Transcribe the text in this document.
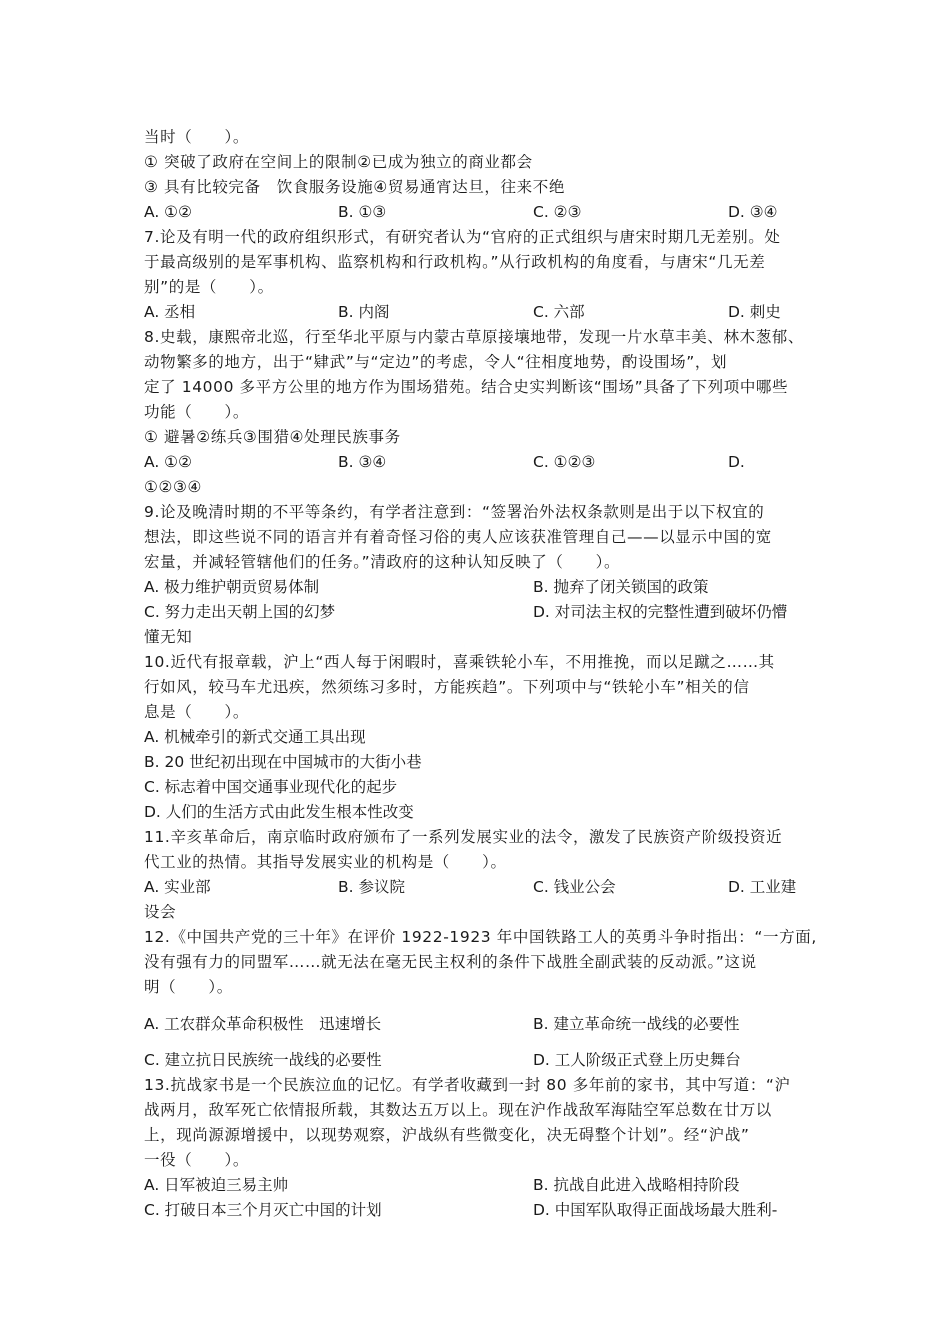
当时（　　）。
① 突破了政府在空间上的限制②已成为独立的商业都会
③ 具有比较完备　饮食服务设施④贸易通宵达旦，往来不绝
A. ①②	B. ①③	C. ②③	D. ③④
7.论及有明一代的政府组织形式，有研究者认为“官府的正式组织与唐宋时期几无差别。处
于最高级别的是军事机构、监察机构和行政机构。”从行政机构的角度看，与唐宋“几无差
别”的是（　　）。
A. 丞相	B. 内阁	C. 六部	D. 刺史
8.史载，康熙帝北巡，行至华北平原与内蒙古草原接壤地带，发现一片水草丰美、林木葱郁、
动物繁多的地方，出于“肄武”与“定边”的考虑，令人“往相度地势，酌设围场”，划
定了 14000 多平方公里的地方作为围场猎苑。结合史实判断该“围场”具备了下列项中哪些
功能（　　）。
① 避暑②练兵③围猎④处理民族事务
A. ①②	B. ③④	C. ①②③	D.
①②③④
9.论及晚清时期的不平等条约，有学者注意到：“签署治外法权条款则是出于以下权宜的
想法，即这些说不同的语言并有着奇怪习俗的夷人应该获准管理自己——以显示中国的宽
宏量，并减轻管辖他们的任务。”清政府的这种认知反映了（　　）。
A. 极力维护朝贡贸易体制	B. 抛弃了闭关锁国的政策
C. 努力走出天朝上国的幻梦	D. 对司法主权的完整性遭到破坏仍懵
懂无知
10.近代有报章载，沪上“西人每于闲暇时，喜乘铁轮小车，不用推挽，而以足蹴之……其
行如风，较马车尤迅疾，然须练习多时，方能疾趋”。下列项中与“铁轮小车”相关的信
息是（　　）。
A. 机械牵引的新式交通工具出现
B. 20 世纪初出现在中国城市的大街小巷
C. 标志着中国交通事业现代化的起步
D. 人们的生活方式由此发生根本性改变
11.辛亥革命后，南京临时政府颁布了一系列发展实业的法令，激发了民族资产阶级投资近
代工业的热情。其指导发展实业的机构是（　　）。
A. 实业部	B. 参议院	C. 钱业公会	D. 工业建
设会
12.《中国共产党的三十年》在评价 1922-1923 年中国铁路工人的英勇斗争时指出：“一方面,
没有强有力的同盟军……就无法在毫无民主权利的条件下战胜全副武装的反动派。”这说
明（　　）。
A. 工农群众革命积极性　迅速增长	B. 建立革命统一战线的必要性
C. 建立抗日民族统一战线的必要性	D. 工人阶级正式登上历史舞台
13.抗战家书是一个民族泣血的记忆。有学者收藏到一封 80 多年前的家书，其中写道：“沪
战两月，敌军死亡依情报所载，其数达五万以上。现在沪作战敌军海陆空军总数在廿万以
上，现尚源源增援中，以现势观察，沪战纵有些微变化，决无碍整个计划”。经“沪战”
一役（　　）。
A. 日军被迫三易主帅	B. 抗战自此进入战略相持阶段
C. 打破日本三个月灭亡中国的计划	D. 中国军队取得正面战场最大胜利-
